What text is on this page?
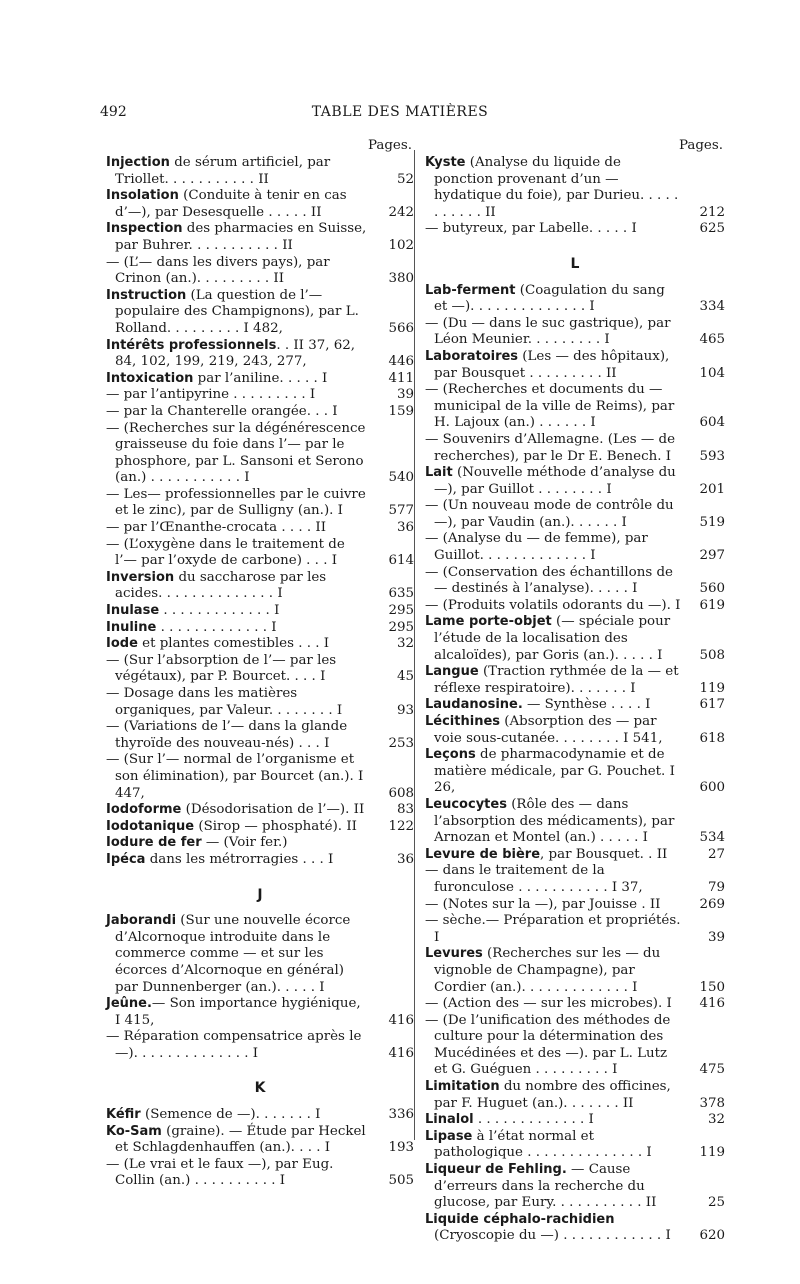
492	TABLE DES MATIÈRES
Pages.
Injection de sérum artificiel, par Triollet. . . . . . . . . . . II	52
Insolation (Conduite à tenir en cas d’—), par Desesquelle . . . . . II	242
Inspection des pharmacies en Suisse, par Buhrer. . . . . . . . . . . II	102
— (L’— dans les divers pays), par Crinon (an.). . . . . . . . . II	380
Instruction (La question de l’— populaire des Champignons), par L. Rolland. . . . . . . . . I 482,	566
Intérêts professionnels. . II 37, 62, 84, 102, 199, 219, 243, 277,	446
Intoxication par l’aniline. . . . . I	411
— par l’antipyrine . . . . . . . . . I	39
— par la Chanterelle orangée. . . I	159
— (Recherches sur la dégénérescence graisseuse du foie dans l’— par le phosphore, par L. Sansoni et Serono (an.) . . . . . . . . . . . I	540
— Les— professionnelles par le cuivre et le zinc), par de Sulligny (an.). I	577
— par l’Œnanthe-crocata . . . . II	36
— (L’oxygène dans le traitement de l’— par l’oxyde de carbone) . . . I	614
Inversion du saccharose par les acides. . . . . . . . . . . . . . I	635
Inulase . . . . . . . . . . . . . I	295
Inuline . . . . . . . . . . . . . I	295
Iode et plantes comestibles . . . I	32
— (Sur l’absorption de l’— par les végétaux), par P. Bourcet. . . . I	45
— Dosage dans les matières organiques, par Valeur. . . . . . . . I	93
— (Variations de l’— dans la glande thyroïde des nouveau-nés) . . . I	253
— (Sur l’— normal de l’organisme et son élimination), par Bourcet (an.). I 447,	608
Iodoforme (Désodorisation de l’—). II	83
Iodotanique (Sirop — phosphaté). II	122
Iodure de fer — (Voir fer.)
Ipéca dans les métrorragies . . . I	36
J
Jaborandi (Sur une nouvelle écorce d’Alcornoque introduite dans le commerce comme — et sur les écorces d’Alcornoque en général) par Dunnenberger (an.). . . . . I
Jeûne.— Son importance hygiénique, I 415,	416
— Réparation compensatrice après le —). . . . . . . . . . . . . . I	416
K
Kéfir (Semence de —). . . . . . . I	336
Ko-Sam (graine). — Étude par Heckel et Schlagdenhauffen (an.). . . . I	193
— (Le vrai et le faux —), par Eug. Collin (an.) . . . . . . . . . . I	505
Pages.
Kyste (Analyse du liquide de ponction provenant d’un — hydatique du foie), par Durieu. . . . . . . . . . . II	212
— butyreux, par Labelle. . . . . I	625
L
Lab-ferment (Coagulation du sang et —). . . . . . . . . . . . . . I	334
— (Du — dans le suc gastrique), par Léon Meunier. . . . . . . . . I	465
Laboratoires (Les — des hôpitaux), par Bousquet . . . . . . . . . II	104
— (Recherches et documents du — municipal de la ville de Reims), par H. Lajoux (an.) . . . . . . I	604
— Souvenirs d’Allemagne. (Les — de recherches), par le Dr E. Benech. I	593
Lait (Nouvelle méthode d’analyse du —), par Guillot . . . . . . . . I	201
— (Un nouveau mode de contrôle du —), par Vaudin (an.). . . . . . I	519
— (Analyse du — de femme), par Guillot. . . . . . . . . . . . . I	297
— (Conservation des échantillons de — destinés à l’analyse). . . . . I	560
— (Produits volatils odorants du —). I	619
Lame porte-objet (— spéciale pour l’étude de la localisation des alcaloïdes), par Goris (an.). . . . . I	508
Langue (Traction rythmée de la — et réflexe respiratoire). . . . . . . I	119
Laudanosine. — Synthèse . . . . I	617
Lécithines (Absorption des — par voie sous-cutanée. . . . . . . . I 541,	618
Leçons de pharmacodynamie et de matière médicale, par G. Pouchet. I 26,	600
Leucocytes (Rôle des — dans l’absorption des médicaments), par Arnozan et Montel (an.) . . . . . I	534
Levure de bière, par Bousquet. . II	27
— dans le traitement de la furonculose . . . . . . . . . . . I 37,	79
— (Notes sur la —), par Jouisse . II	269
— sèche.— Préparation et propriétés. I	39
Levures (Recherches sur les — du vignoble de Champagne), par Cordier (an.). . . . . . . . . . . . . I	150
— (Action des — sur les microbes). I	416
— (De l’unification des méthodes de culture pour la détermination des Mucédinées et des —). par L. Lutz et G. Guéguen . . . . . . . . . I	475
Limitation du nombre des officines, par F. Huguet (an.). . . . . . . II	378
Linalol . . . . . . . . . . . . . I	32
Lipase à l’état normal et pathologique . . . . . . . . . . . . . . I	119
Liqueur de Fehling. — Cause d’erreurs dans la recherche du glucose, par Eury. . . . . . . . . . . II	25
Liquide céphalo-rachidien (Cryoscopie du —) . . . . . . . . . . . . I	620
